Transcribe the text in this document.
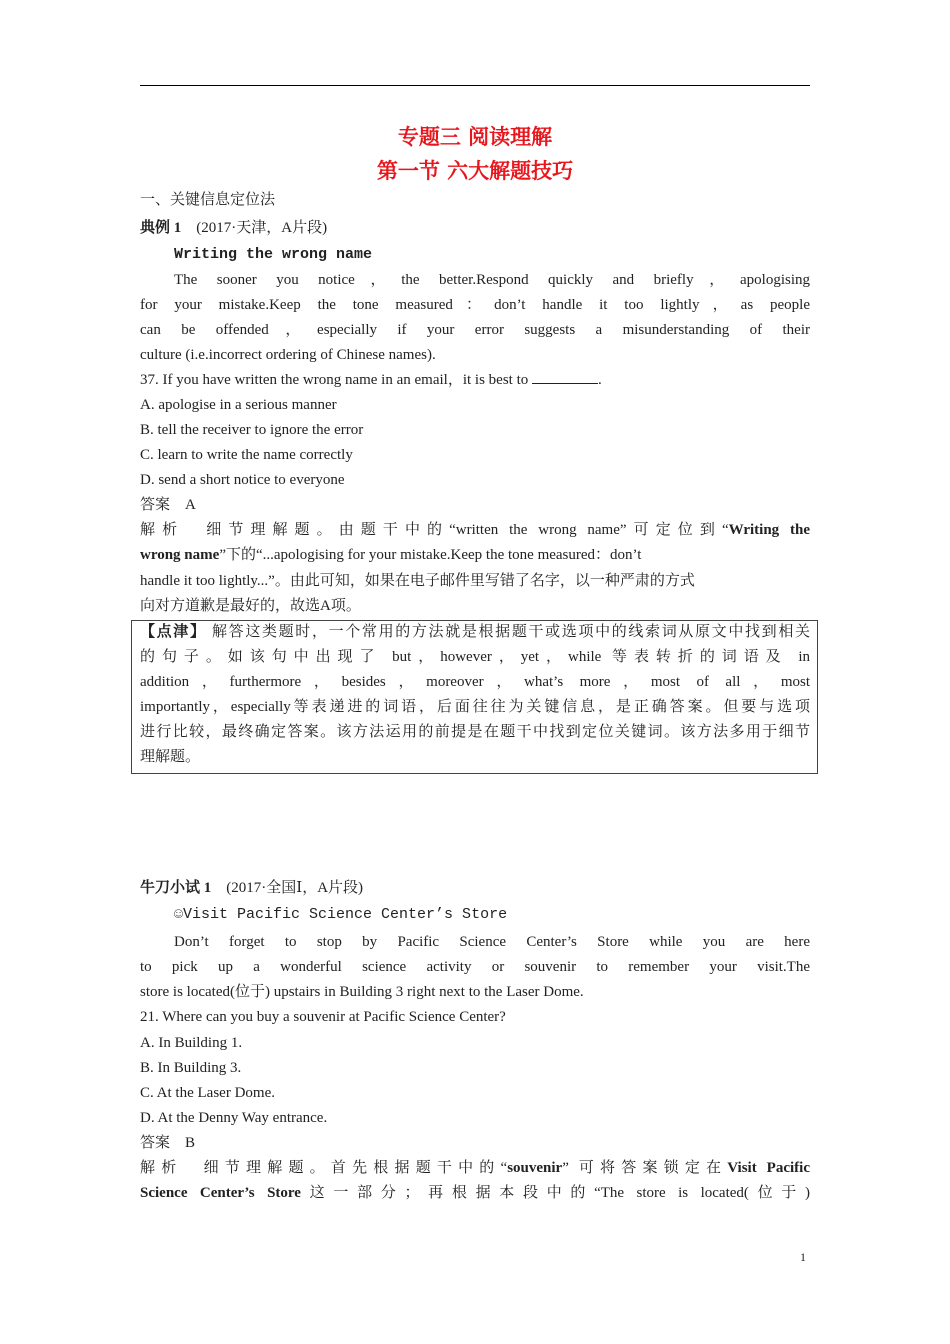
专题三 阅读理解
第一节 六大解题技巧
一、关键信息定位法
典例 1　 (2017·天津，A片段)
Writing the wrong name
The sooner you notice，the better.Respond quickly and briefly，apologising
for your mistake.Keep the tone measured：don’t handle it too lightly，as people
can be offended，especially if your error suggests a misunderstanding of their
culture (i.e.incorrect ordering of Chinese names).
37. If you have written the wrong name in an email，it is best to	.
A. apologise in a serious manner
B. tell the receiver to ignore the error
C. learn to write the name correctly
D. send a short notice to everyone
答案　A
解析　细节理解题。由题干中的“written the wrong name”可定位到“Writing the
wrong name”下的“...apologising for your mistake.Keep the tone measured：don’t
handle it too lightly...”。由此可知，如果在电子邮件里写错了名字，以一种严肃的方式
向对方道歉是最好的，故选A项。
【点津】 解答这类题时，一个常用的方法就是根据题干或选项中的线索词从原文中找到相关
的句子。如该句中出现了 but，however，yet，while 等表转折的词语及 in
addition，furthermore，besides，moreover，what’s more，most of all，most
importantly，especially等表递进的词语，后面往往为关键信息，是正确答案。但要与选项
进行比较，最终确定答案。该方法运用的前提是在题干中找到定位关键词。该方法多用于细节
理解题。
牛刀小试 1　 (2017·全国Ⅰ，A片段)
☺Visit Pacific Science Center’s Store
Don’t forget to stop by Pacific Science Center’s Store while you are here
to pick up a wonderful science activity or souvenir to remember your visit.The
store is located(位于) upstairs in Building 3 right next to the Laser Dome.
21. Where can you buy a souvenir at Pacific Science Center?
A. In Building 1.
B. In Building 3.
C. At the Laser Dome.
D. At the Denny Way entrance.
答案　B
解析　细节理解题。首先根据题干中的“souvenir” 可将答案锁定在Visit Pacific
Science Center’s Store这一部分；再根据本段中的“The store is located(位于)
1
